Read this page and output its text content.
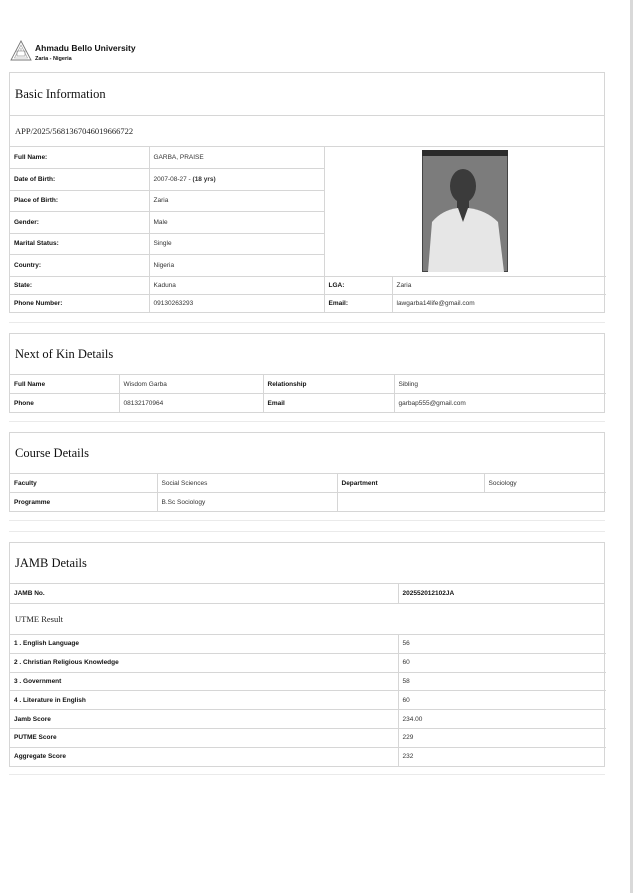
Ahmadu Bello University
Zaria - Nigeria
Basic Information
APP/2025/5681367046019666722
Full Name:	GARBA, PRAISE	

Date of Birth:	2007-08-27 - (18 yrs)		
Place of Birth:	Zaria		
Gender:	Male		
Marital Status:	Single		
Country:	Nigeria		
State:	Kaduna	LGA:	Zaria
Phone Number:	09130263293	Email:	lawgarba14life@gmail.com
Next of Kin Details
Full Name	Wisdom Garba	Relationship	Sibling
Phone	08132170964	Email	garbap555@gmail.com
Course Details
Faculty	Social Sciences	Department	Sociology
Programme	B.Sc Sociology		
JAMB Details
JAMB No.	202552012102JA
UTME Result
1 . English Language	56
2 . Christian Religious Knowledge	60
3 . Government	58
4 . Literature in English	60
Jamb Score	234.00
PUTME Score	229
Aggregate Score	232
